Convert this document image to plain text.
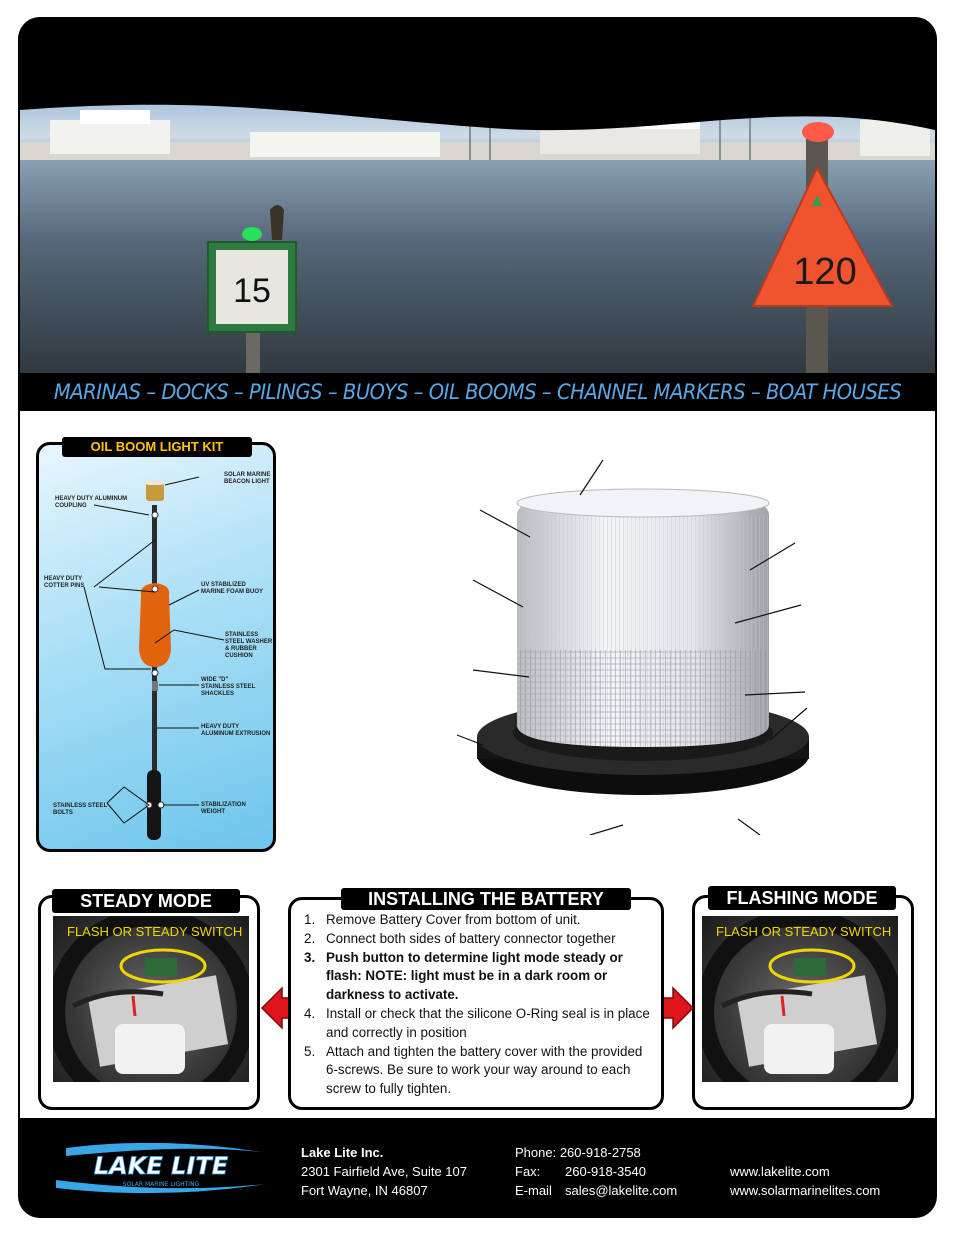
15	120
MARINAS – DOCKS – PILINGS – BUOYS – OIL BOOMS – CHANNEL MARKERS – BOAT HOUSES
OIL BOOM LIGHT KIT
SOLAR MARINE
BEACON LIGHT
HEAVY DUTY ALUMINUM
COUPLING
HEAVY DUTY
COTTER PINS	UV STABILIZED
MARINE FOAM BUOY
STAINLESS
STEEL WASHER
& RUBBER
CUSHION
WIDE "D"
STAINLESS STEEL
SHACKLES
HEAVY DUTY
ALUMINUM EXTRUSION
STAINLESS STEEL
BOLTS
STABILIZATION
WEIGHT
STEADY MODE
FLASH OR STEADY SWITCH
FLASHING MODE
FLASH OR STEADY SWITCH
INSTALLING THE BATTERY
1. Remove Battery Cover from bottom of unit.
2. Connect both sides of battery connector together
3. Push button to determine light mode steady or flash: NOTE: light must be in a dark room or darkness to activate.
4. Install or check that the silicone O-Ring seal is in place and correctly in position
5. Attach and tighten the battery cover with the provided 6-screws. Be sure to work your way around to each screw to fully tighten.
LAKE LITE
SOLAR MARINE LIGHTING
Lake Lite Inc.
2301 Fairfield Ave, Suite 107
Fort Wayne, IN 46807
Phone: 260-918-2758
Fax: 260-918-3540
E-mail sales@lakelite.com
www.lakelite.com
www.solarmarinelites.com
